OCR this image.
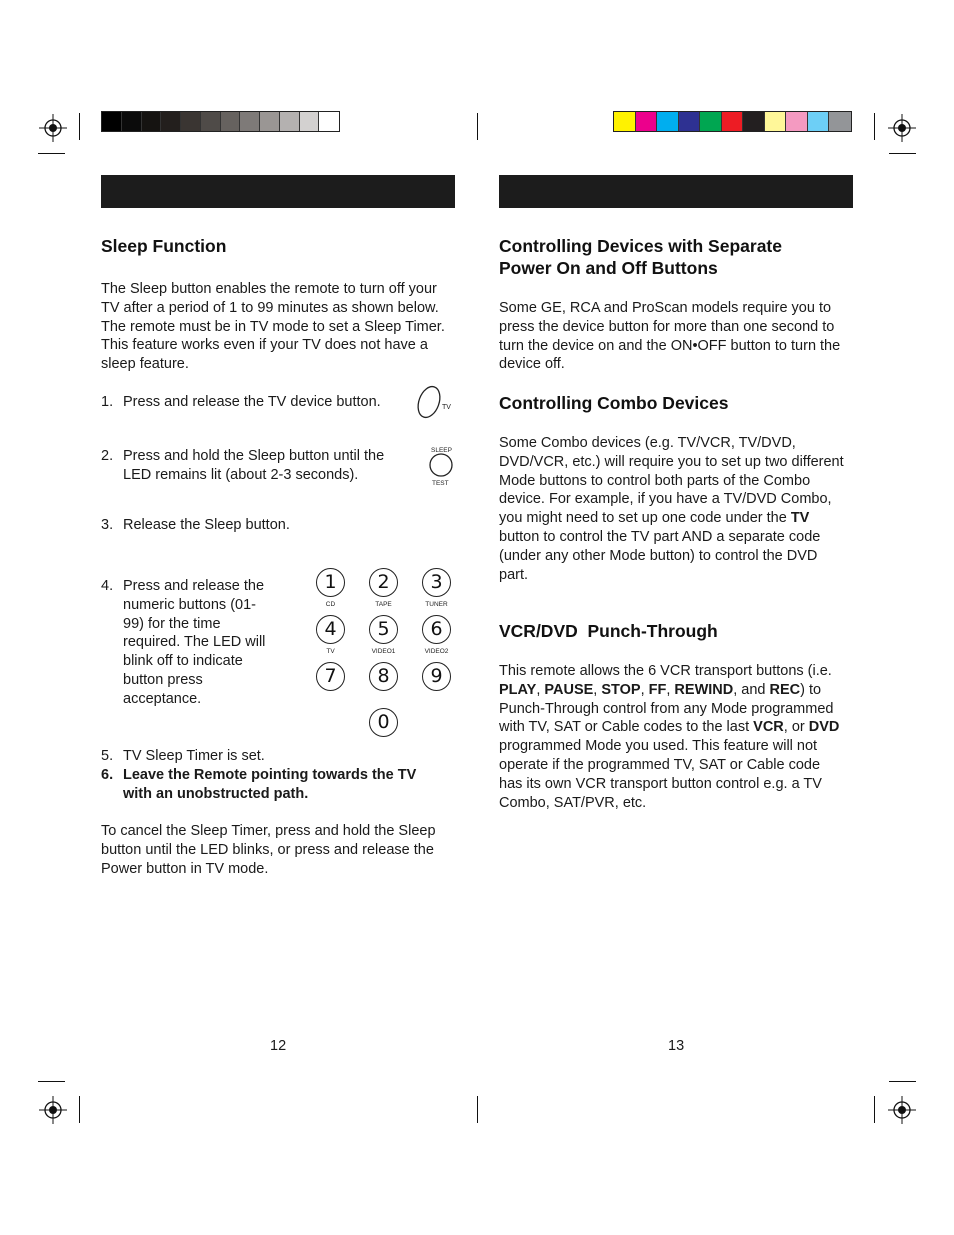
Sleep Function
The Sleep button enables the remote to turn off your TV after a period of 1 to 99 minutes as shown below. The remote must be in TV mode to set a Sleep Timer. This feature works even if your TV does not have a sleep feature.
1. Press and release the TV device button.	TV
2. Press and hold the Sleep button until the LED remains lit (about 2-3 seconds).
SLEEP
TEST
3. Release the Sleep button.
4. Press and release the numeric buttons (01-99) for the time required. The LED will blink off to indicate button press acceptance.
1
CD
2
TAPE
3
TUNER
4
TV
5
VIDEO1
6
VIDEO2
7	8	9
0
5. TV Sleep Timer is set.
6. Leave the Remote pointing towards the TV with an unobstructed path.
To cancel the Sleep Timer, press and hold the Sleep button until the LED blinks, or press and release the Power button in TV mode.
12
Controlling Devices with Separate
Power On and Off Buttons
Some GE, RCA and ProScan models require you to press the device button for more than one second to turn the device on and the ON•OFF button to turn the device off.
Controlling Combo Devices
Some Combo devices (e.g. TV/VCR, TV/DVD, DVD/VCR, etc.) will require you to set up two different Mode buttons to control both parts of the Combo device. For example, if you have a TV/DVD Combo, you might need to set up one code under the TV button to control the TV part AND a separate code (under any other Mode button) to control the DVD part.
VCR/DVD  Punch-Through
This remote allows the 6 VCR transport buttons (i.e. PLAY, PAUSE, STOP, FF, REWIND, and REC) to Punch-Through control from any Mode programmed with TV, SAT or Cable codes to the last VCR, or DVD programmed Mode you used. This feature will not operate if the programmed TV, SAT or Cable code has its own VCR transport button control e.g. a TV Combo, SAT/PVR, etc.
13
